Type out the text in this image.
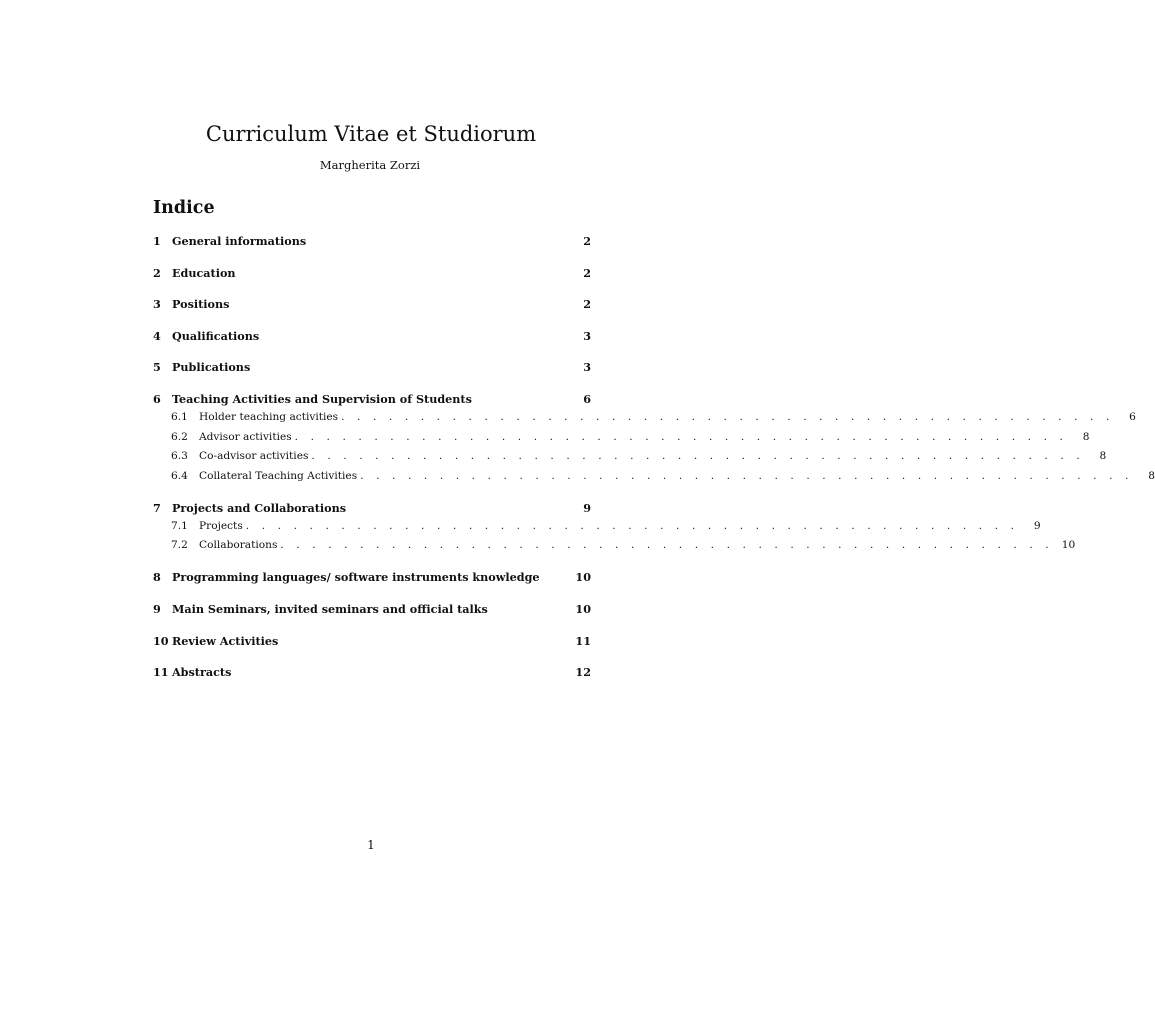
Curriculum Vitae et Studiorum
Margherita Zorzi
Indice
1	General informations	2
2	Education	2
3	Positions	2
4	Qualifications	3
5	Publications	3
6	Teaching Activities and Supervision of Students	6
6.1	Holder teaching activities . . . . . . . . . . . . . . . . . . . . . . . . . . . . . . . . . . . . . . . . . . . . . . . . .	6
6.2	Advisor activities . . . . . . . . . . . . . . . . . . . . . . . . . . . . . . . . . . . . . . . . . . . . . . . . .	8
6.3	Co-advisor activities . . . . . . . . . . . . . . . . . . . . . . . . . . . . . . . . . . . . . . . . . . . . . . . . .	8
6.4	Collateral Teaching Activities . . . . . . . . . . . . . . . . . . . . . . . . . . . . . . . . . . . . . . . . . . . . . . . . .	8
7	Projects and Collaborations	9
7.1	Projects . . . . . . . . . . . . . . . . . . . . . . . . . . . . . . . . . . . . . . . . . . . . . . . . .	9
7.2	Collaborations . . . . . . . . . . . . . . . . . . . . . . . . . . . . . . . . . . . . . . . . . . . . . . . . . 10
8	Programming languages/ software instruments knowledge	10
9	Main Seminars, invited seminars and official talks	10
10 Review Activities	11
11 Abstracts	12
1
